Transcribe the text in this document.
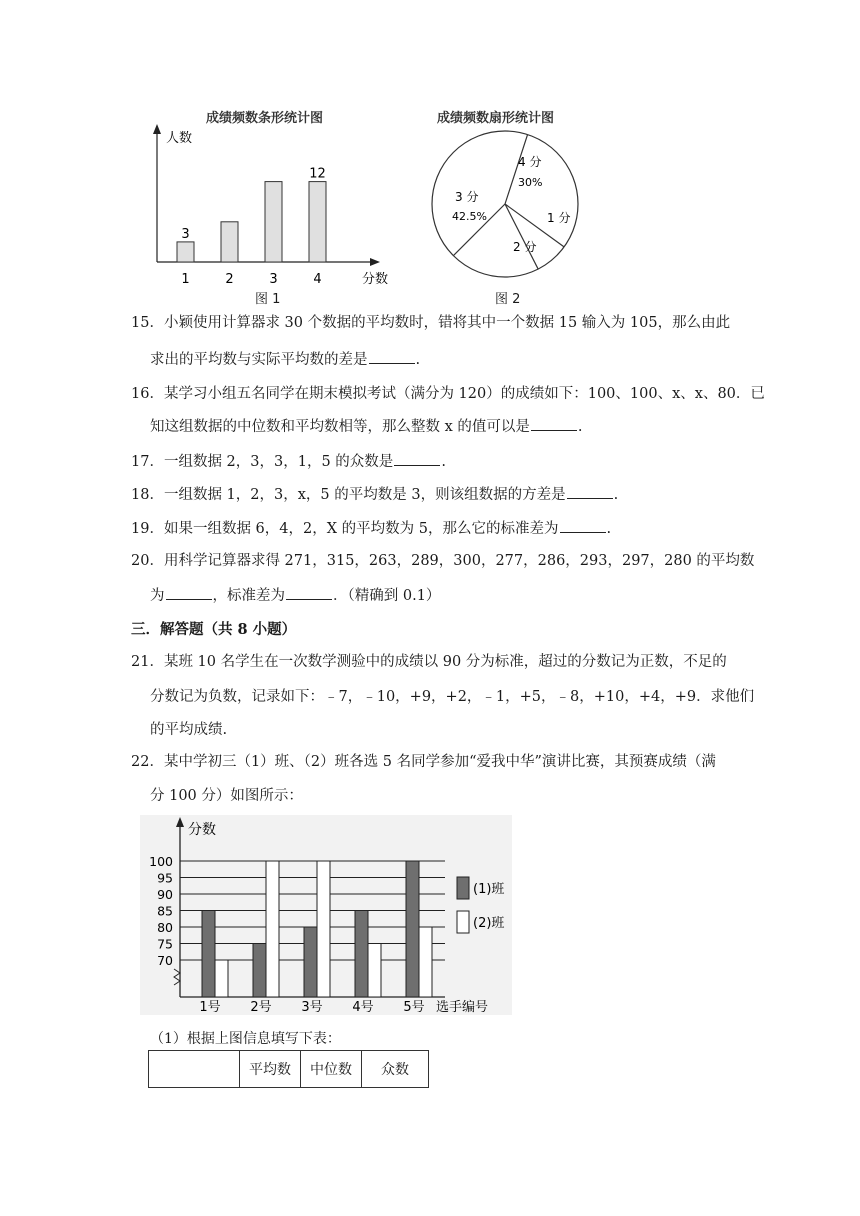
成绩频数条形统计图
人数
分数
1
3
2	3	4
12
图 1
成绩频数扇形统计图
4 分
30%
1 分
2 分
3 分
42.5%
图 2
15．小颖使用计算器求 30 个数据的平均数时，错将其中一个数据 15 输入为 105，那么由此
求出的平均数与实际平均数的差是	.
16．某学习小组五名同学在期末模拟考试（满分为 120）的成绩如下：100、100、x、x、80．已
知这组数据的中位数和平均数相等，那么整数 x 的值可以是	.
17．一组数据 2，3，3，1，5 的众数是	.
18．一组数据 1，2，3，x，5 的平均数是 3，则该组数据的方差是	.
19．如果一组数据 6，4，2，X 的平均数为 5，那么它的标准差为	.
20．用科学记算器求得 271，315，263，289，300，277，286，293，297，280 的平均数
为	，标准差为	．（精确到 0.1）
三．解答题（共 8 小题）
21．某班 10 名学生在一次数学测验中的成绩以 90 分为标准，超过的分数记为正数，不足的
分数记为负数，记录如下：﹣7，﹣10，+9，+2，﹣1，+5，﹣8，+10，+4，+9．求他们
的平均成绩.
22．某中学初三（1）班、（2）班各选 5 名同学参加“爱我中华”演讲比赛，其预赛成绩（满
分 100 分）如图所示：
分数
70
75
80
85
90
95
100
1号 2号 3号 4号 5号 选手编号
(1)班
(2)班
（1）根据上图信息填写下表：
	平均数	中位数	众数
